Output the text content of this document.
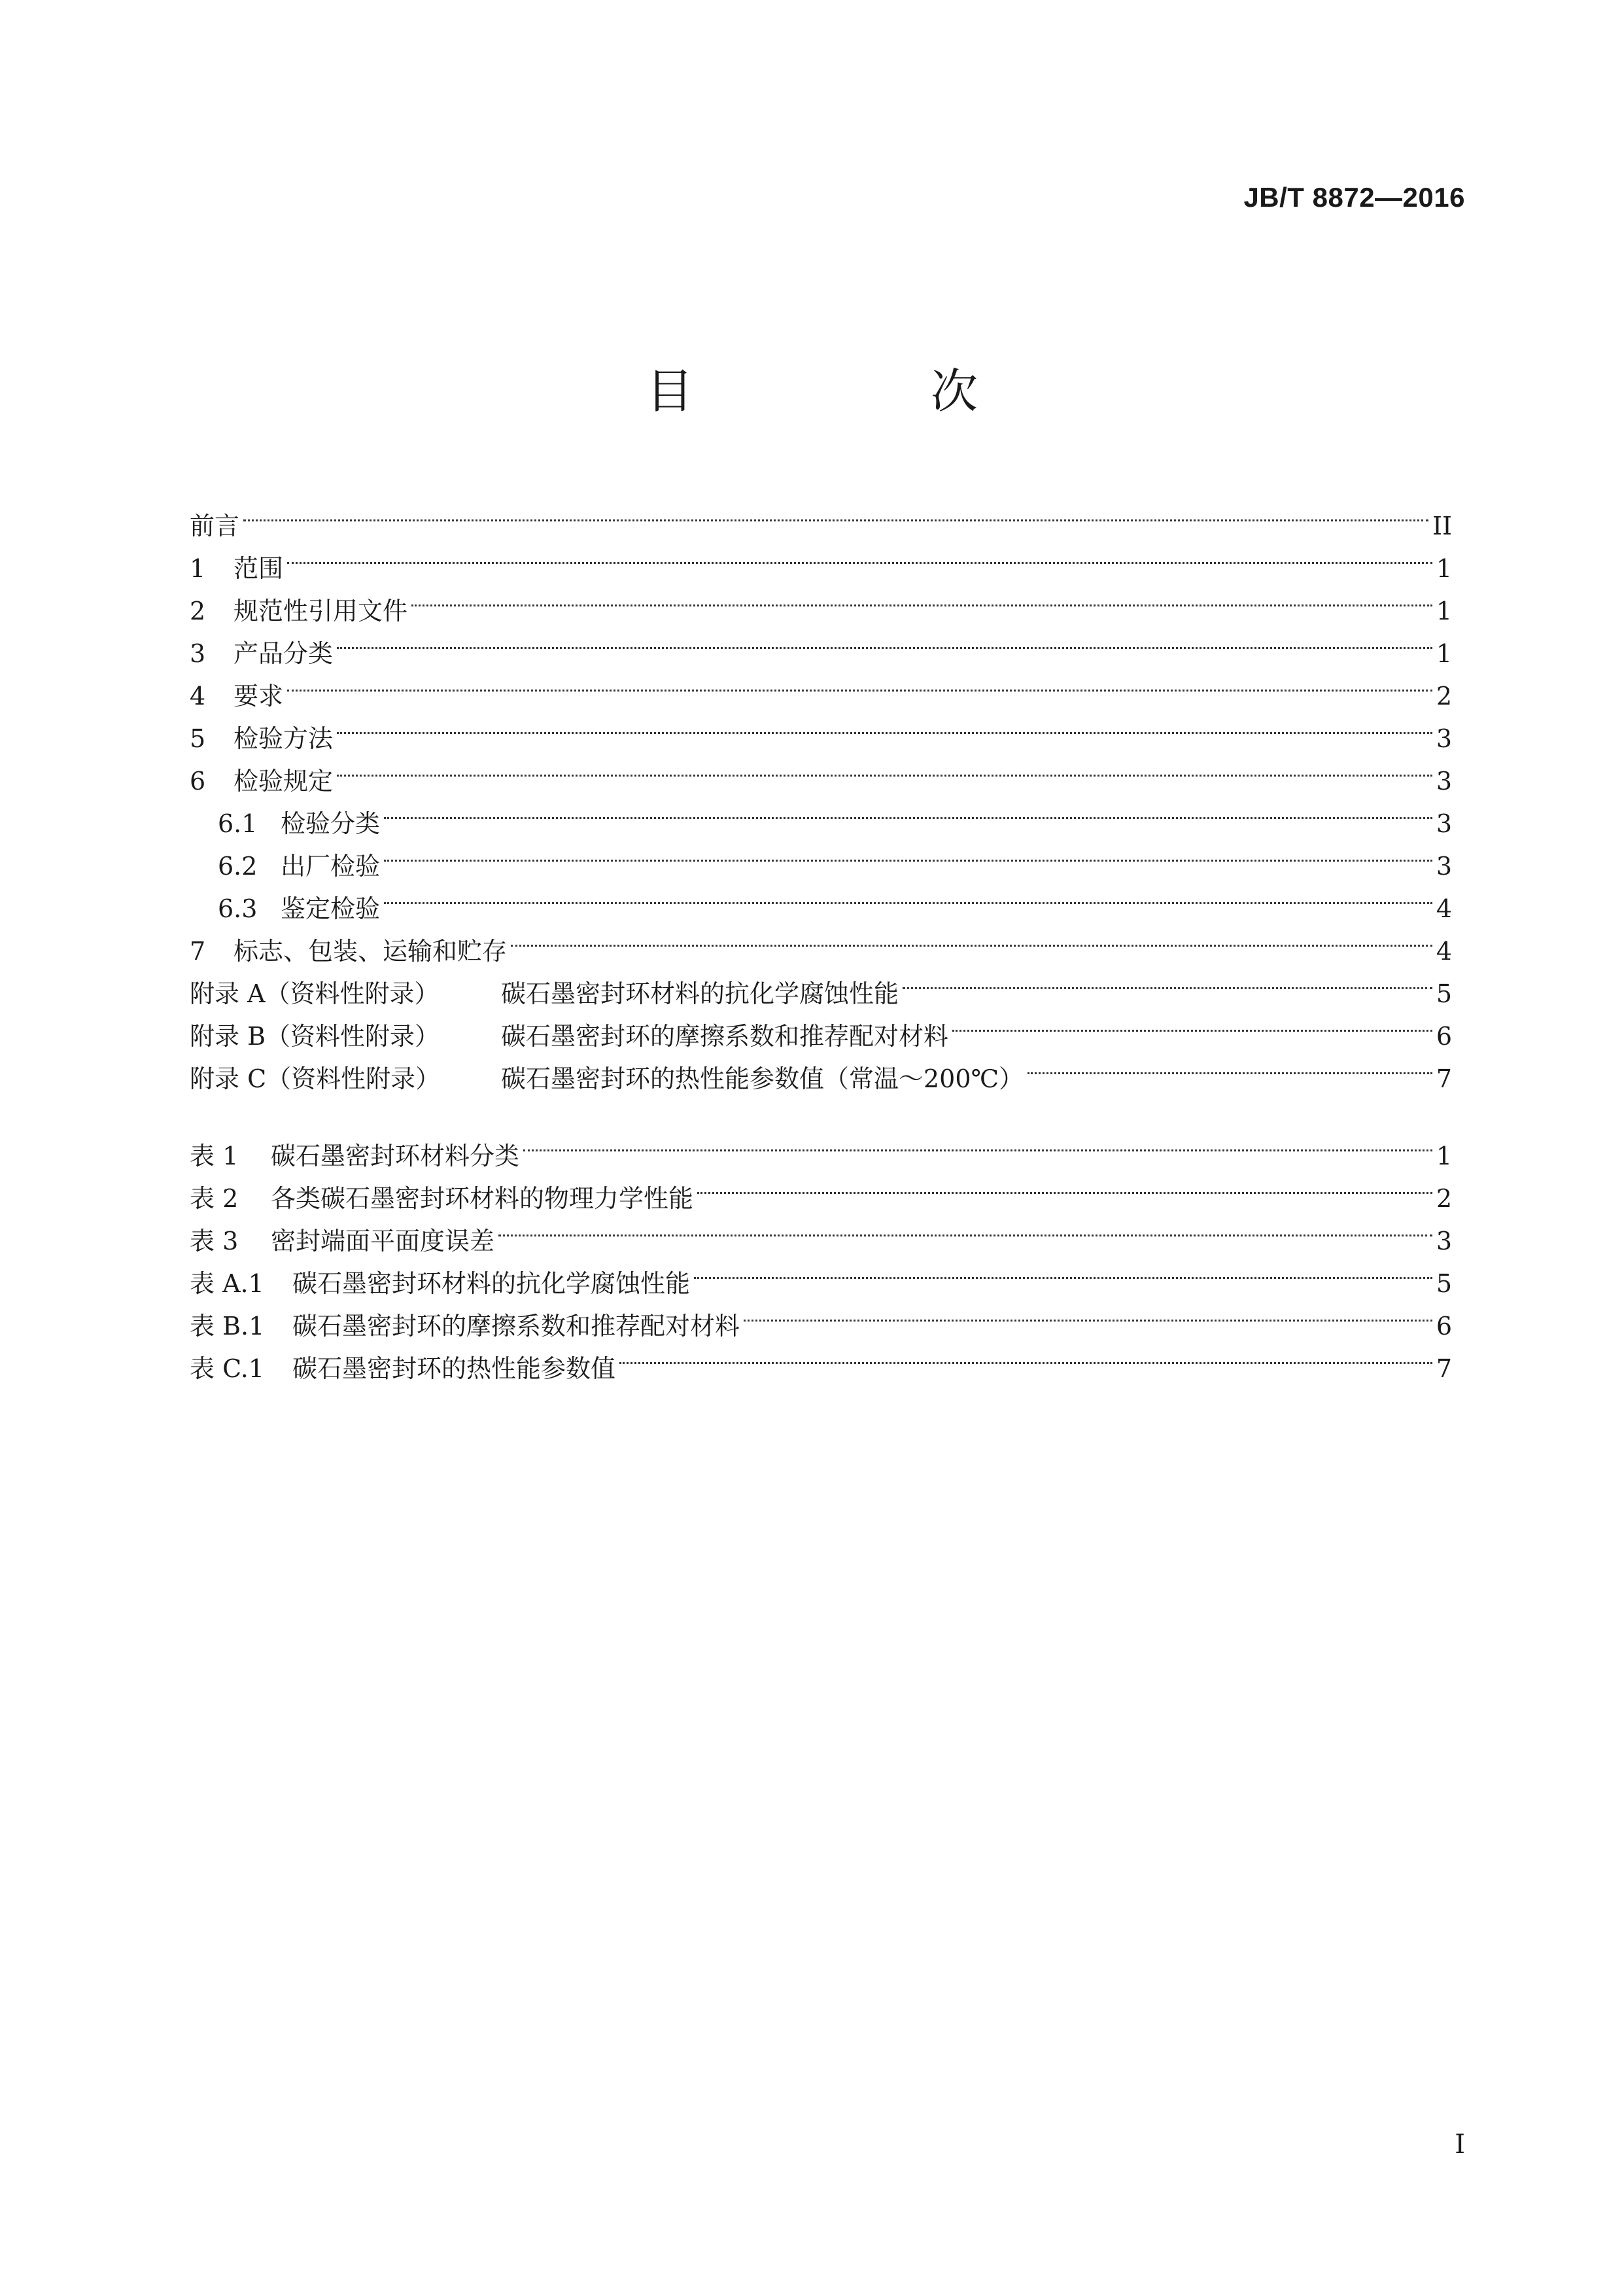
JB/T 8872—2016
目 次
前言	II
1	范围	1
2	规范性引用文件	1
3	产品分类	1
4	要求	2
5	检验方法	3
6	检验规定	3
6.1 检验分类	3
6.2 出厂检验	3
6.3 鉴定检验	4
7	标志、包装、运输和贮存	4
附录 A（资料性附录）	碳石墨密封环材料的抗化学腐蚀性能	5
附录 B（资料性附录）	碳石墨密封环的摩擦系数和推荐配对材料	6
附录 C（资料性附录）	碳石墨密封环的热性能参数值（常温～200℃）	7
表 1	碳石墨密封环材料分类	1
表 2	各类碳石墨密封环材料的物理力学性能	2
表 3	密封端面平面度误差	3
表 A.1	碳石墨密封环材料的抗化学腐蚀性能	5
表 B.1	碳石墨密封环的摩擦系数和推荐配对材料	6
表 C.1	碳石墨密封环的热性能参数值	7
I
